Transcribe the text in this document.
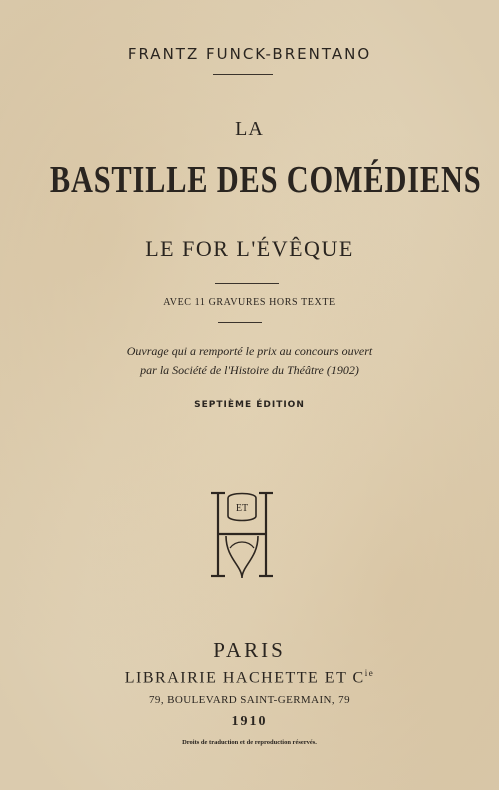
FRANTZ FUNCK-BRENTANO
LA
BASTILLE DES COMÉDIENS
LE FOR L'ÉVÊQUE
AVEC 11 GRAVURES HORS TEXTE
Ouvrage qui a remporté le prix au concours ouvert
par la Société de l'Histoire du Théâtre (1902)
SEPTIÈME ÉDITION
ET
PARIS
LIBRAIRIE HACHETTE ET $C^{ie}$
79, BOULEVARD SAINT-GERMAIN, 79
1910
Droits de traduction et de reproduction réservés.
